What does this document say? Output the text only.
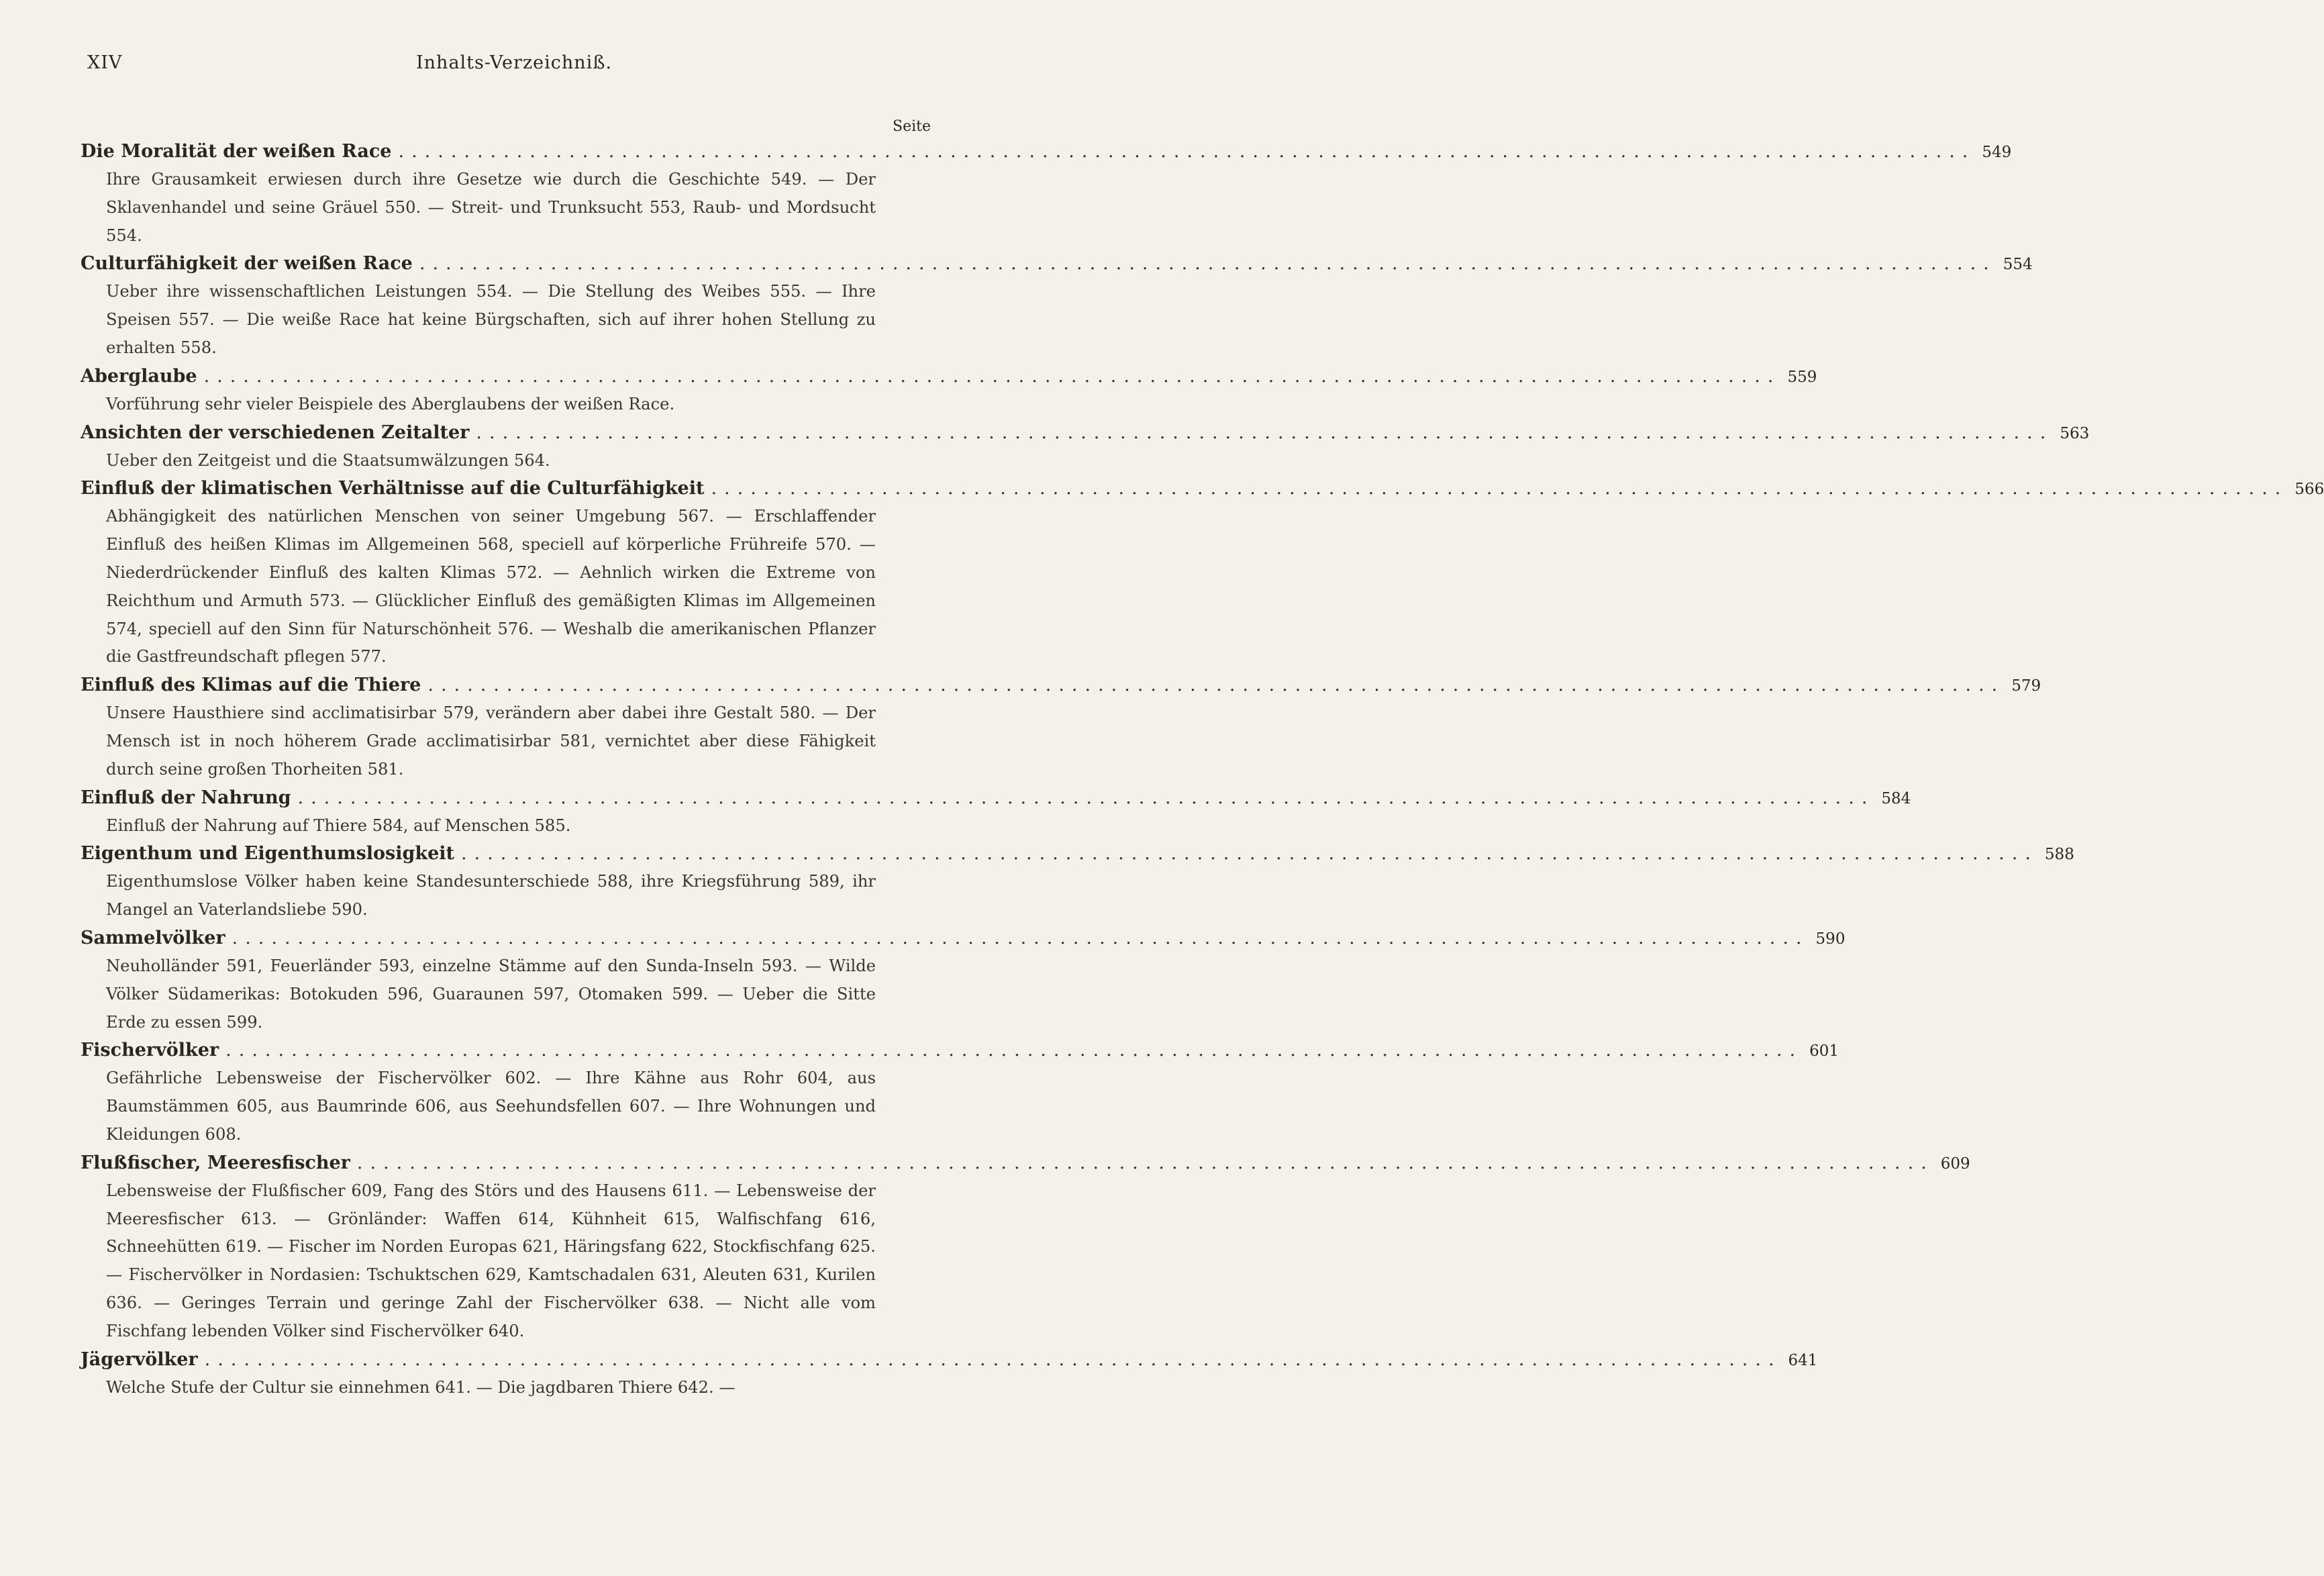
XIV	Inhalts-Verzeichniß.
Seite
Die Moralität der weißen Race ........................................................................................................................ 549
Ihre Grausamkeit erwiesen durch ihre Gesetze wie durch die Geschichte 549. — Der Sklavenhandel und seine Gräuel 550. — Streit- und Trunksucht 553, Raub- und Mordsucht 554.
Culturfähigkeit der weißen Race ........................................................................................................................ 554
Ueber ihre wissenschaftlichen Leistungen 554. — Die Stellung des Weibes 555. — Ihre Speisen 557. — Die weiße Race hat keine Bürgschaften, sich auf ihrer hohen Stellung zu erhalten 558.
Aberglaube ........................................................................................................................ 559
Vorführung sehr vieler Beispiele des Aberglaubens der weißen Race.
Ansichten der verschiedenen Zeitalter ........................................................................................................................ 563
Ueber den Zeitgeist und die Staatsumwälzungen 564.
Einfluß der klimatischen Verhältnisse auf die Culturfähigkeit ........................................................................................................................ 566
Abhängigkeit des natürlichen Menschen von seiner Umgebung 567. — Erschlaffender Einfluß des heißen Klimas im Allgemeinen 568, speciell auf körperliche Frühreife 570. — Niederdrückender Einfluß des kalten Klimas 572. — Aehnlich wirken die Extreme von Reichthum und Armuth 573. — Glücklicher Einfluß des gemäßigten Klimas im Allgemeinen 574, speciell auf den Sinn für Naturschönheit 576. — Weshalb die amerikanischen Pflanzer die Gastfreundschaft pflegen 577.
Einfluß des Klimas auf die Thiere ........................................................................................................................ 579
Unsere Hausthiere sind acclimatisirbar 579, verändern aber dabei ihre Gestalt 580. — Der Mensch ist in noch höherem Grade acclimatisirbar 581, vernichtet aber diese Fähigkeit durch seine großen Thorheiten 581.
Einfluß der Nahrung ........................................................................................................................ 584
Einfluß der Nahrung auf Thiere 584, auf Menschen 585.
Eigenthum und Eigenthumslosigkeit ........................................................................................................................ 588
Eigenthumslose Völker haben keine Standesunterschiede 588, ihre Kriegsführung 589, ihr Mangel an Vaterlandsliebe 590.
Sammelvölker ........................................................................................................................ 590
Neuholländer 591, Feuerländer 593, einzelne Stämme auf den Sunda-Inseln 593. — Wilde Völker Südamerikas: Botokuden 596, Guaraunen 597, Otomaken 599. — Ueber die Sitte Erde zu essen 599.
Fischervölker ........................................................................................................................ 601
Gefährliche Lebensweise der Fischervölker 602. — Ihre Kähne aus Rohr 604, aus Baumstämmen 605, aus Baumrinde 606, aus Seehundsfellen 607. — Ihre Wohnungen und Kleidungen 608.
Flußfischer, Meeresfischer ........................................................................................................................ 609
Lebensweise der Flußfischer 609, Fang des Störs und des Hausens 611. — Lebensweise der Meeresfischer 613. — Grönländer: Waffen 614, Kühnheit 615, Walfischfang 616, Schneehütten 619. — Fischer im Norden Europas 621, Häringsfang 622, Stockfischfang 625. — Fischervölker in Nordasien: Tschuktschen 629, Kamtschadalen 631, Aleuten 631, Kurilen 636. — Geringes Terrain und geringe Zahl der Fischervölker 638. — Nicht alle vom Fischfang lebenden Völker sind Fischervölker 640.
Jägervölker ........................................................................................................................ 641
Welche Stufe der Cultur sie einnehmen 641. — Die jagdbaren Thiere 642. —
